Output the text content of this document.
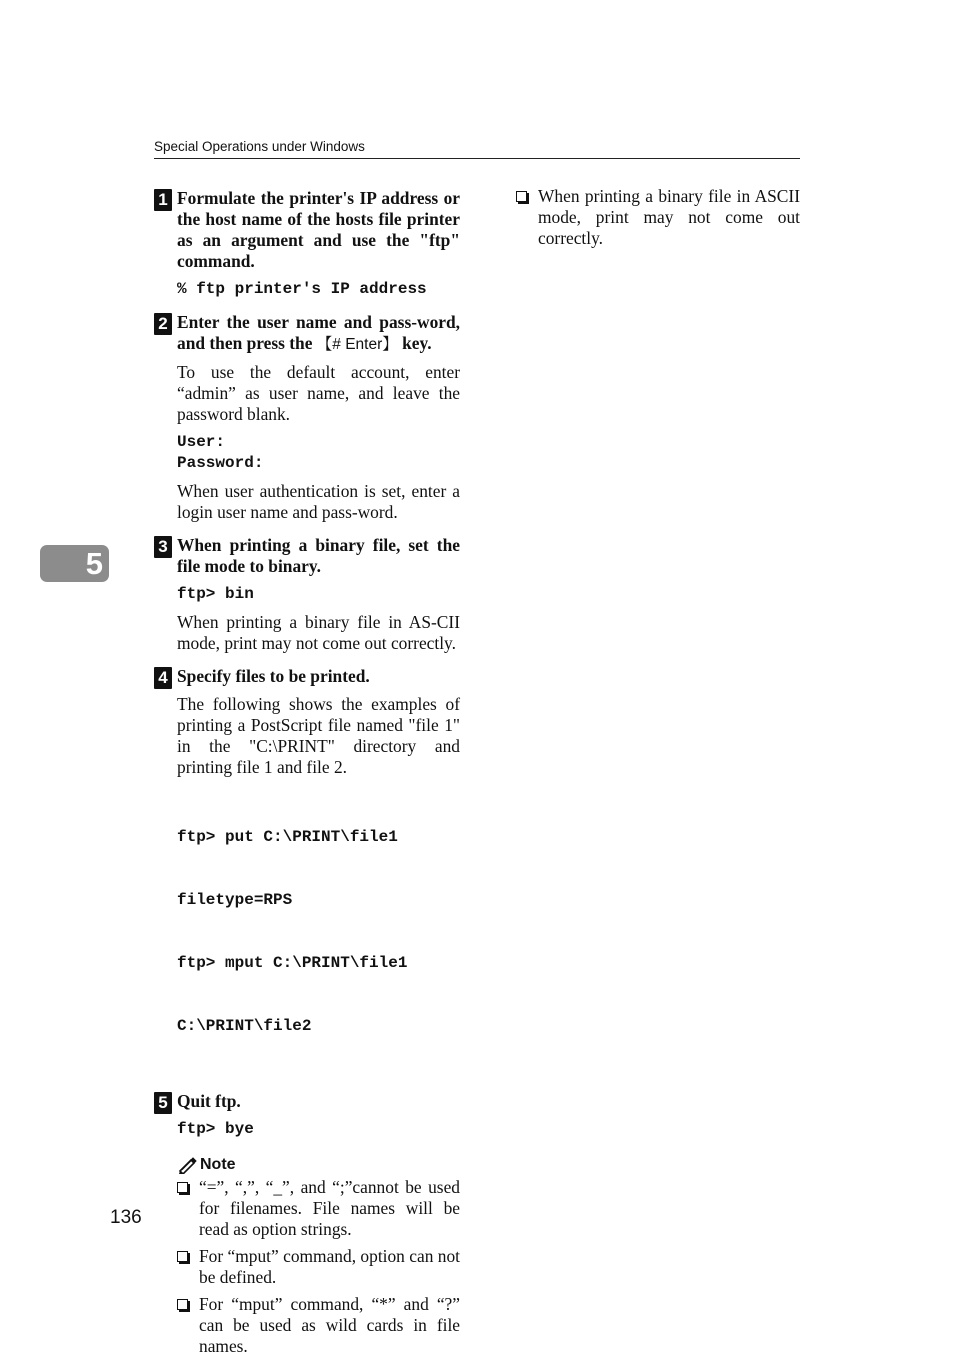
Special Operations under Windows
5
1 Formulate the printer's IP address or the host name of the hosts file printer as an argument and use the "ftp" command.
% ftp printer's IP address
2 Enter the user name and pass-word, and then press the 【# Enter】 key.
To use the default account, enter “admin” as user name, and leave the password blank.
User:
Password:
When user authentication is set, enter a login user name and pass-word.
3 When printing a binary file, set the file mode to binary.
ftp> bin
When printing a binary file in AS-CII mode, print may not come out correctly.
4 Specify files to be printed.
The following shows the examples of printing a PostScript file named "file 1" in the "C:\PRINT" directory and printing file 1 and file 2.

ftp> put C:\PRINT\file1

filetype=RPS

ftp> mput C:\PRINT\file1

C:\PRINT\file2

5 Quit ftp.
ftp> bye
Note
“=”, “,”, “_”, and “;”cannot be used for filenames. File names will be read as option strings.
For “mput” command, option can not be defined.
For “mput” command, “*” and “?” can be used as wild cards in file names.
When printing a binary file in ASCII mode, print may not come out correctly.
136
